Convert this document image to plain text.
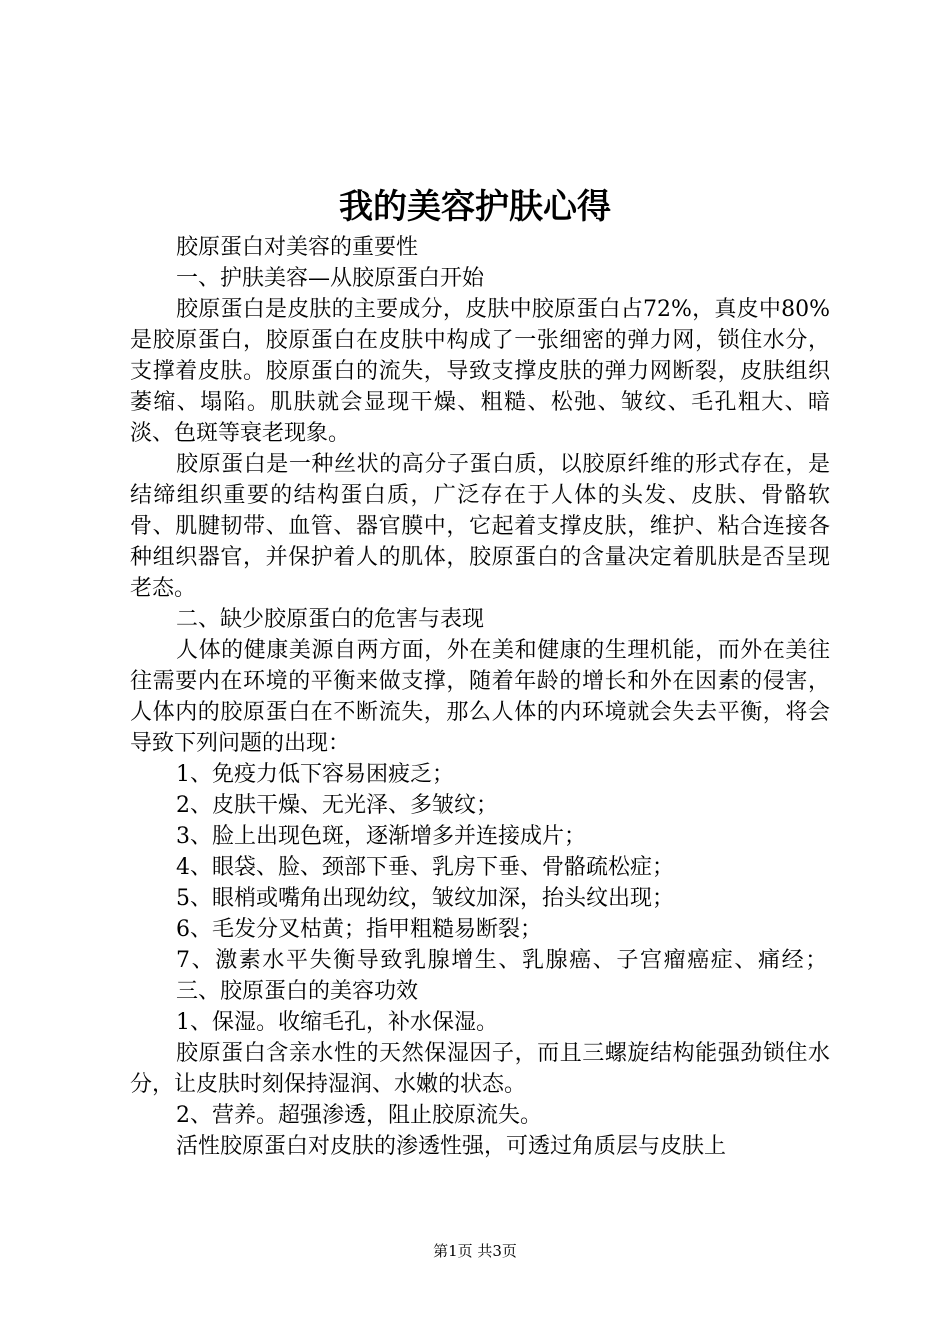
我的美容护肤心得

胶原蛋白对美容的重要性

一、护肤美容—从胶原蛋白开始

胶原蛋白是皮肤的主要成分，皮肤中胶原蛋白占72%，真皮中80%是胶原蛋白，胶原蛋白在皮肤中构成了一张细密的弹力网，锁住水分，支撑着皮肤。胶原蛋白的流失，导致支撑皮肤的弹力网断裂，皮肤组织萎缩、塌陷。肌肤就会显现干燥、粗糙、松弛、皱纹、毛孔粗大、暗淡、色斑等衰老现象。

胶原蛋白是一种丝状的高分子蛋白质，以胶原纤维的形式存在，是结缔组织重要的结构蛋白质，广泛存在于人体的头发、皮肤、骨骼软骨、肌腱韧带、血管、器官膜中，它起着支撑皮肤，维护、粘合连接各种组织器官，并保护着人的肌体，胶原蛋白的含量决定着肌肤是否呈现老态。

二、缺少胶原蛋白的危害与表现

人体的健康美源自两方面，外在美和健康的生理机能，而外在美往往需要内在环境的平衡来做支撑，随着年龄的增长和外在因素的侵害，人体内的胶原蛋白在不断流失，那么人体的内环境就会失去平衡，将会导致下列问题的出现：

1、免疫力低下容易困疲乏；

2、皮肤干燥、无光泽、多皱纹；

3、脸上出现色斑，逐渐增多并连接成片；

4、眼袋、脸、颈部下垂、乳房下垂、骨骼疏松症；

5、眼梢或嘴角出现幼纹，皱纹加深，抬头纹出现；

6、毛发分叉枯黄；指甲粗糙易断裂；

7、激素水平失衡导致乳腺增生、乳腺癌、子宫瘤癌症、痛经；

三、胶原蛋白的美容功效

1、保湿。收缩毛孔，补水保湿。

胶原蛋白含亲水性的天然保湿因子，而且三螺旋结构能强劲锁住水分，让皮肤时刻保持湿润、水嫩的状态。

2、营养。超强渗透，阻止胶原流失。

活性胶原蛋白对皮肤的渗透性强，可透过角质层与皮肤上

第1页 共3页
